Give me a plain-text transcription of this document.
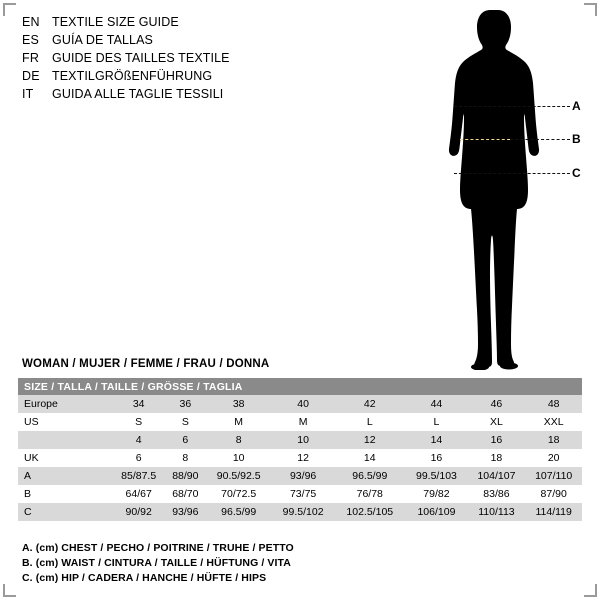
EN TEXTILE SIZE GUIDE
ES	GUÍA DE TALLAS
FR	GUIDE DES TAILLES TEXTILE
DE TEXTILGRÖßENFÜHRUNG
IT	GUIDA ALLE TAGLIE TESSILI
A
B
C
WOMAN / MUJER / FEMME / FRAU / DONNA
SIZE / TALLA / TAILLE / GRÖSSE / TAGLIA								
Europe	34	36	38	40	42	44	46	48
US	S	S	M	M	L	L	XL	XXL
	4	6	8	10	12	14	16	18
UK	6	8	10	12	14	16	18	20
A	85/87.5	88/90	90.5/92.5	93/96	96.5/99	99.5/103	104/107	107/110
B	64/67	68/70	70/72.5	73/75	76/78	79/82	83/86	87/90
C	90/92	93/96	96.5/99	99.5/102	102.5/105	106/109	110/113	114/119
A. (cm) CHEST / PECHO / POITRINE / TRUHE / PETTO
B. (cm) WAIST / CINTURA / TAILLE / HÜFTUNG / VITA
C. (cm) HIP / CADERA / HANCHE / HÜFTE / HIPS
